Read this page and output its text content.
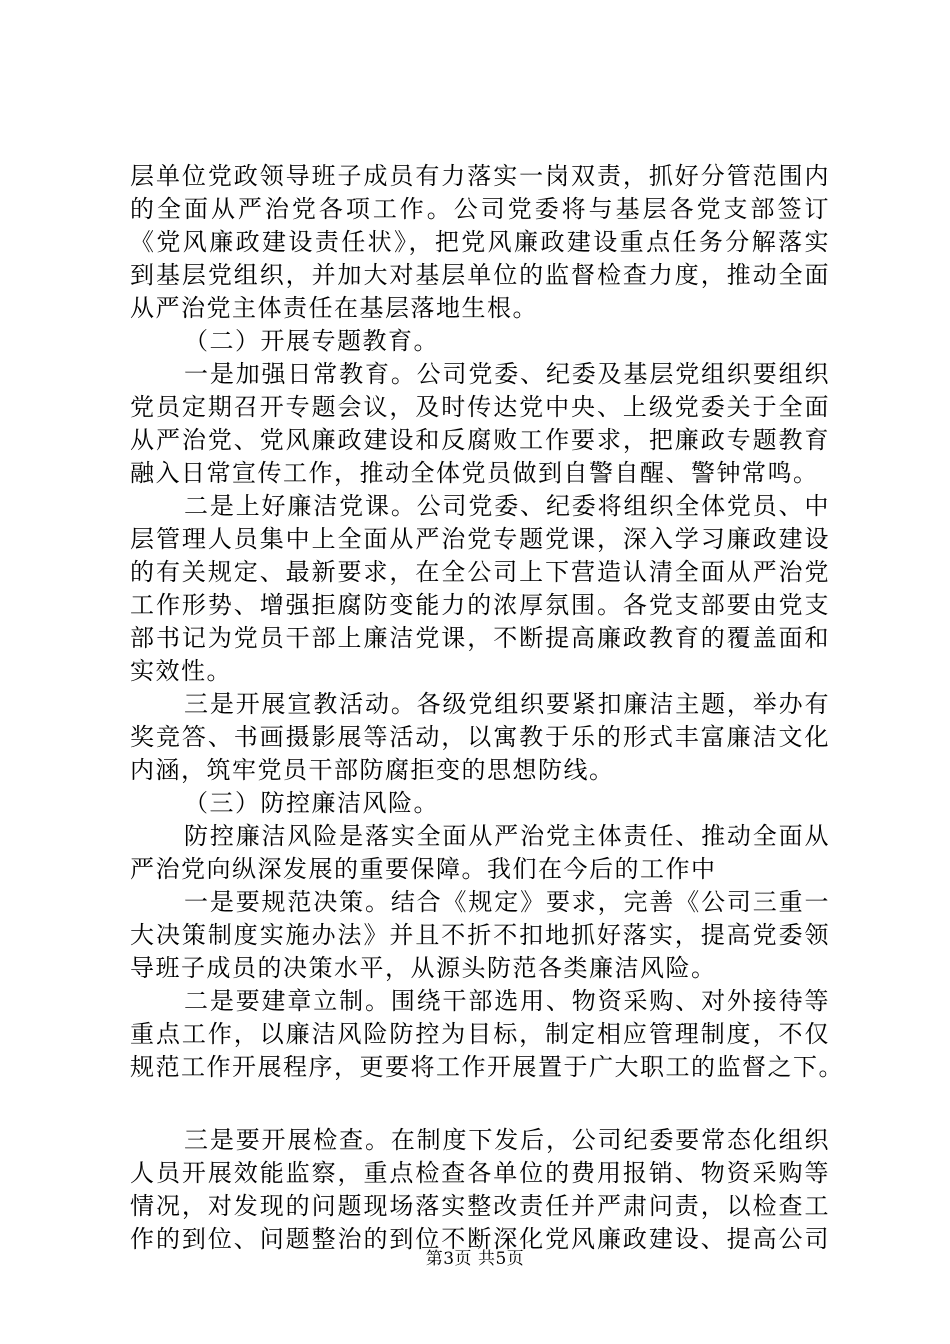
层单位党政领导班子成员有力落实一岗双责，抓好分管范围内
的全面从严治党各项工作。公司党委将与基层各党支部签订
《党风廉政建设责任状》，把党风廉政建设重点任务分解落实
到基层党组织，并加大对基层单位的监督检查力度，推动全面
从严治党主体责任在基层落地生根。
（二）开展专题教育。
一是加强日常教育。公司党委、纪委及基层党组织要组织
党员定期召开专题会议，及时传达党中央、上级党委关于全面
从严治党、党风廉政建设和反腐败工作要求，把廉政专题教育
融入日常宣传工作，推动全体党员做到自警自醒、警钟常鸣。
二是上好廉洁党课。公司党委、纪委将组织全体党员、中
层管理人员集中上全面从严治党专题党课，深入学习廉政建设
的有关规定、最新要求，在全公司上下营造认清全面从严治党
工作形势、增强拒腐防变能力的浓厚氛围。各党支部要由党支
部书记为党员干部上廉洁党课，不断提高廉政教育的覆盖面和
实效性。
三是开展宣教活动。各级党组织要紧扣廉洁主题，举办有
奖竞答、书画摄影展等活动，以寓教于乐的形式丰富廉洁文化
内涵，筑牢党员干部防腐拒变的思想防线。
（三）防控廉洁风险。
防控廉洁风险是落实全面从严治党主体责任、推动全面从
严治党向纵深发展的重要保障。我们在今后的工作中
一是要规范决策。结合《规定》要求，完善《公司三重一
大决策制度实施办法》并且不折不扣地抓好落实，提高党委领
导班子成员的决策水平，从源头防范各类廉洁风险。
二是要建章立制。围绕干部选用、物资采购、对外接待等
重点工作，以廉洁风险防控为目标，制定相应管理制度，不仅
规范工作开展程序，更要将工作开展置于广大职工的监督之下。
三是要开展检查。在制度下发后，公司纪委要常态化组织
人员开展效能监察，重点检查各单位的费用报销、物资采购等
情况，对发现的问题现场落实整改责任并严肃问责，以检查工
作的到位、问题整治的到位不断深化党风廉政建设、提高公司
第3页 共5页
